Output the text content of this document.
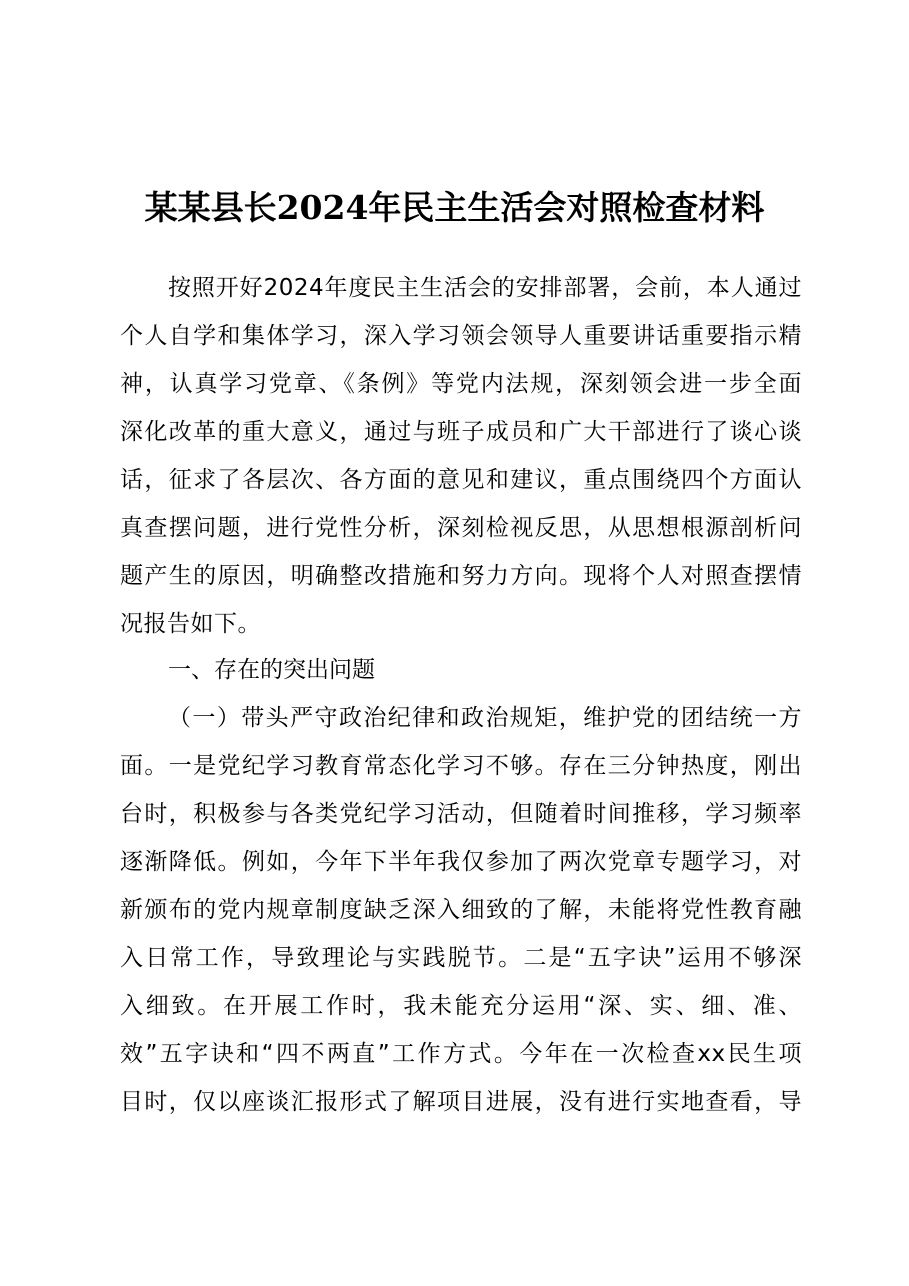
某某县长2024年民主生活会对照检查材料
按照开好2024年度民主生活会的安排部署，会前，本人通过
个人自学和集体学习，深入学习领会领导人重要讲话重要指示精
神，认真学习党章、《条例》等党内法规，深刻领会进一步全面
深化改革的重大意义，通过与班子成员和广大干部进行了谈心谈
话，征求了各层次、各方面的意见和建议，重点围绕四个方面认
真查摆问题，进行党性分析，深刻检视反思，从思想根源剖析问
题产生的原因，明确整改措施和努力方向。现将个人对照查摆情
况报告如下。
一、存在的突出问题
（一）带头严守政治纪律和政治规矩，维护党的团结统一方
面。一是党纪学习教育常态化学习不够。存在三分钟热度，刚出
台时，积极参与各类党纪学习活动，但随着时间推移，学习频率
逐渐降低。例如，今年下半年我仅参加了两次党章专题学习，对
新颁布的党内规章制度缺乏深入细致的了解，未能将党性教育融
入日常工作，导致理论与实践脱节。二是“五字诀”运用不够深
入细致。在开展工作时，我未能充分运用“深、实、细、准、
效”五字诀和“四不两直”工作方式。今年在一次检查xx民生项
目时，仅以座谈汇报形式了解项目进展，没有进行实地查看，导
